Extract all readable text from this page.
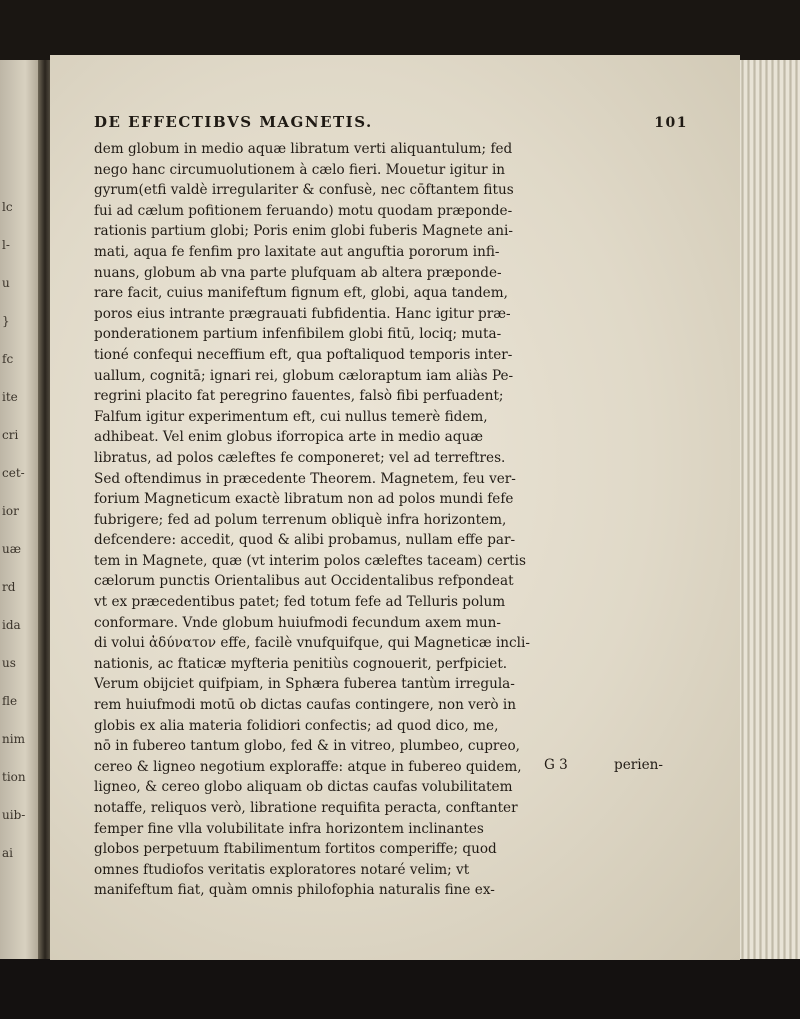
lc
l-
u
}
fc
ite
cri
cet-
ior
uæ
rd
ida
us
fle
nim
tion
uib-
ai
DE EFFECTIBVS MAGNETIS.	101
dem globum in medio aquæ libratum verti aliquantulum; fed
nego hanc circumuolutionem à cælo fieri. Mouetur igitur in
gyrum(etfi valdè irregulariter & confusè, nec cōftantem fitus
fui ad cælum pofitionem feruando) motu quodam præponde-
rationis partium globi; Poris enim globi fuberis Magnete ani-
mati, aqua fe fenfim pro laxitate aut anguftia pororum infi-
nuans, globum ab vna parte plufquam ab altera præponde-
rare facit, cuius manifeftum fignum eft, globi, aqua tandem,
poros eius intrante prægrauati fubfidentia. Hanc igitur præ-
ponderationem partium infenfibilem globi fitū, lociq; muta-
tioné confequi neceffium eft, qua poftaliquod temporis inter-
uallum, cognitā; ignari rei, globum cæloraptum iam aliàs Pe-
regrini placito fat peregrino fauentes, falsò fibi perfuadent;
Falfum igitur experimentum eft, cui nullus temerè fidem,
adhibeat. Vel enim globus iforropica arte in medio aquæ
libratus, ad polos cæleftes fe componeret; vel ad terreftres.
Sed oftendimus in præcedente Theorem. Magnetem, feu ver-
forium Magneticum exactè libratum non ad polos mundi fefe
fubrigere; fed ad polum terrenum obliquè infra horizontem,
defcendere: accedit, quod & alibi probamus, nullam effe par-
tem in Magnete, quæ (vt interim polos cæleftes taceam) certis
cælorum punctis Orientalibus aut Occidentalibus refpondeat
vt ex præcedentibus patet; fed totum fefe ad Telluris polum
conformare. Vnde globum huiufmodi fecundum axem mun-
di volui ἀδύνατον effe, facilè vnufquifque, qui Magneticæ incli-
nationis, ac ftaticæ myfteria penitiùs cognouerit, perfpiciet.
Verum obijciet quifpiam, in Sphæra fuberea tantùm irregula-
rem huiufmodi motū ob dictas caufas contingere, non verò in
globis ex alia materia folidiori confectis; ad quod dico, me,
nō in fubereo tantum globo, fed & in vitreo, plumbeo, cupreo,
cereo & ligneo negotium exploraffe: atque in fubereo quidem,
ligneo, & cereo globo aliquam ob dictas caufas volubilitatem
notaffe, reliquos verò, libratione requifita peracta, conftanter
femper fine vlla volubilitate infra horizontem inclinantes
globos perpetuum ftabilimentum fortitos comperiffe; quod
omnes ftudiofos veritatis exploratores notaré velim; vt
manifeftum fiat, quàm omnis philofophia naturalis fine ex-
G 3	perien-
